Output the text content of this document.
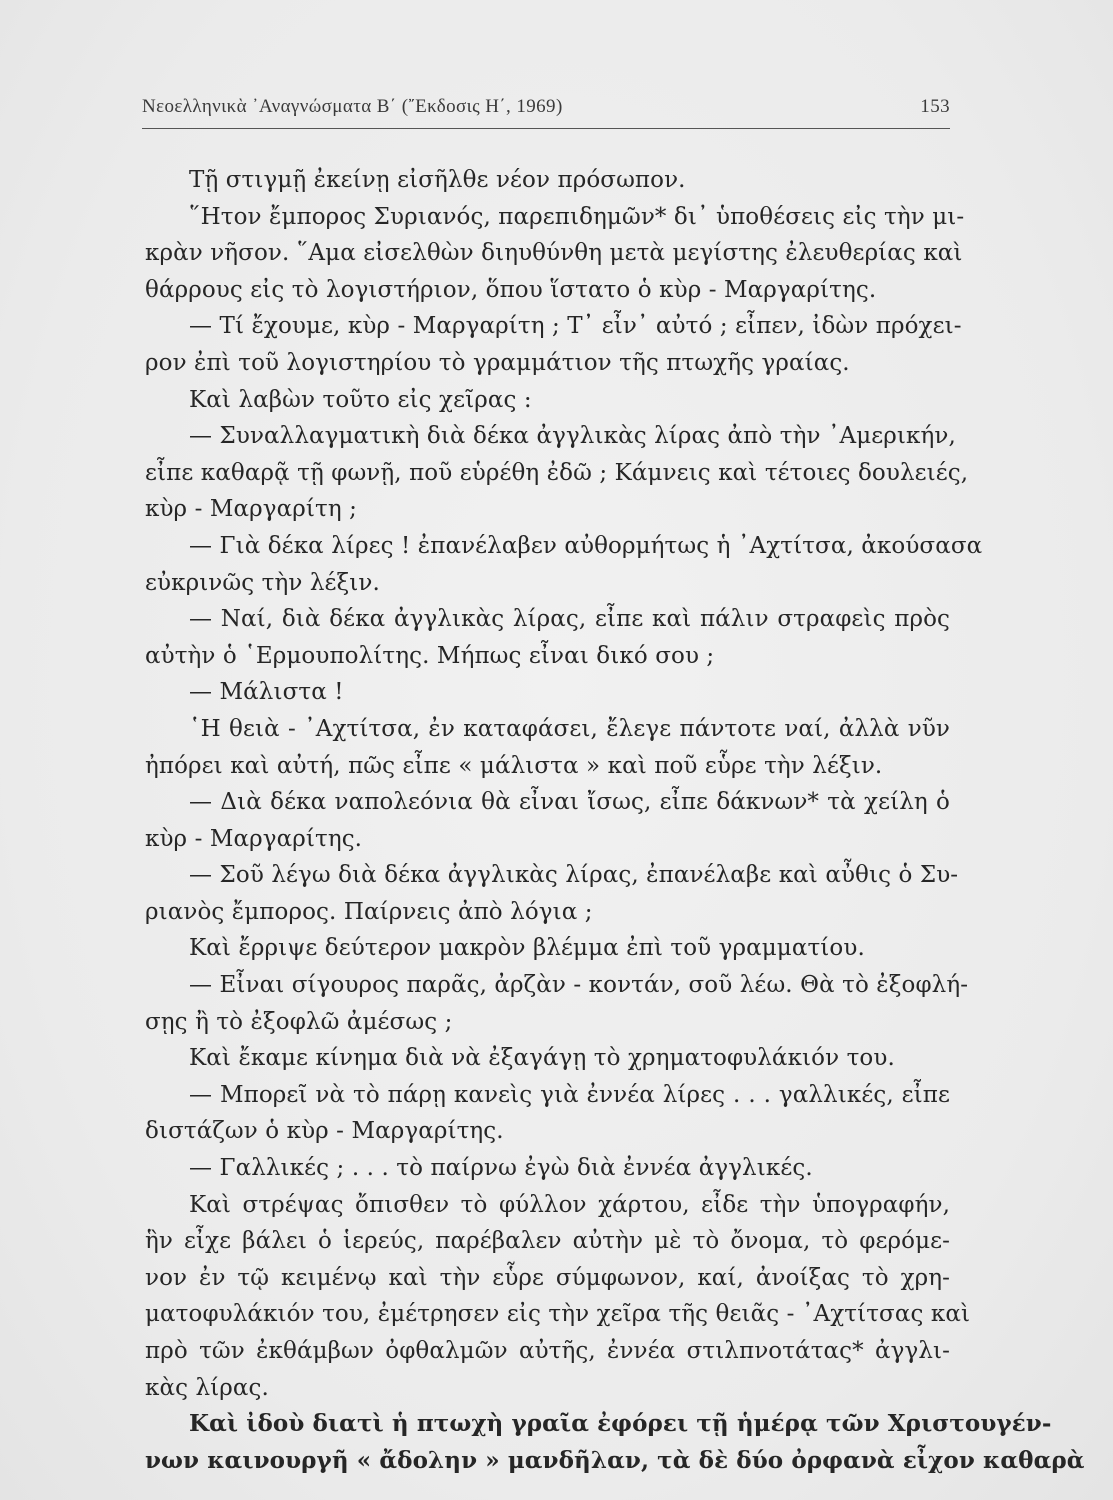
Νεοελληνικὰ ᾿Αναγνώσματα Β΄ (῎Εκδοσις Η΄, 1969)	153
Τῇ στιγμῇ ἐκείνῃ εἰσῆλθε νέον πρόσωπον.
῞Ητον ἔμπορος Συριανός, παρεπιδημῶν* δι᾿ ὑποθέσεις εἰς τὴν μι-
κρὰν νῆσον. ῞Αμα εἰσελθὼν διηυθύνθη μετὰ μεγίστης ἐλευθερίας καὶ
θάρρους εἰς τὸ λογιστήριον, ὅπου ἵστατο ὁ κὺρ - Μαργαρίτης.
— Τί ἔχουμε, κὺρ - Μαργαρίτη ; Τ᾿ εἶν᾿ αὐτό ; εἶπεν, ἰδὼν πρόχει-
ρον ἐπὶ τοῦ λογιστηρίου τὸ γραμμάτιον τῆς πτωχῆς γραίας.
Καὶ λαβὼν τοῦτο εἰς χεῖρας :
— Συναλλαγματικὴ διὰ δέκα ἀγγλικὰς λίρας ἀπὸ τὴν ᾿Αμερικήν,
εἶπε καθαρᾷ τῇ φωνῇ, ποῦ εὑρέθη ἐδῶ ; Κάμνεις καὶ τέτοιες δουλειές,
κὺρ - Μαργαρίτη ;
— Γιὰ δέκα λίρες ! ἐπανέλαβεν αὐθορμήτως ἡ ᾿Αχτίτσα, ἀκούσασα
εὐκρινῶς τὴν λέξιν.
— Ναί, διὰ δέκα ἀγγλικὰς λίρας, εἶπε καὶ πάλιν στραφεὶς πρὸς
αὐτὴν ὁ ῾Ερμουπολίτης. Μήπως εἶναι δικό σου ;
— Μάλιστα !
῾Η θειὰ - ᾿Αχτίτσα, ἐν καταφάσει, ἔλεγε πάντοτε ναί, ἀλλὰ νῦν
ἠπόρει καὶ αὐτή, πῶς εἶπε « μάλιστα » καὶ ποῦ εὗρε τὴν λέξιν.
— Διὰ δέκα ναπολεόνια θὰ εἶναι ἴσως, εἶπε δάκνων* τὰ χείλη ὁ
κὺρ - Μαργαρίτης.
— Σοῦ λέγω διὰ δέκα ἀγγλικὰς λίρας, ἐπανέλαβε καὶ αὖθις ὁ Συ-
ριανὸς ἔμπορος. Παίρνεις ἀπὸ λόγια ;
Καὶ ἔρριψε δεύτερον μακρὸν βλέμμα ἐπὶ τοῦ γραμματίου.
— Εἶναι σίγουρος παρᾶς, ἀρζὰν - κοντάν, σοῦ λέω. Θὰ τὸ ἐξοφλή-
σῃς ἢ τὸ ἐξοφλῶ ἀμέσως ;
Καὶ ἔκαμε κίνημα διὰ νὰ ἐξαγάγῃ τὸ χρηματοφυλάκιόν του.
— Μπορεῖ νὰ τὸ πάρῃ κανεὶς γιὰ ἐννέα λίρες . . . γαλλικές, εἶπε
διστάζων ὁ κὺρ - Μαργαρίτης.
— Γαλλικές ; . . . τὸ παίρνω ἐγὼ διὰ ἐννέα ἀγγλικές.
Καὶ στρέψας ὄπισθεν τὸ φύλλον χάρτου, εἶδε τὴν ὑπογραφήν,
ἣν εἶχε βάλει ὁ ἱερεύς, παρέβαλεν αὐτὴν μὲ τὸ ὄνομα, τὸ φερόμε-
νον ἐν τῷ κειμένῳ καὶ τὴν εὗρε σύμφωνον, καί, ἀνοίξας τὸ χρη-
ματοφυλάκιόν του, ἐμέτρησεν εἰς τὴν χεῖρα τῆς θειᾶς - ᾿Αχτίτσας καὶ
πρὸ τῶν ἐκθάμβων ὀφθαλμῶν αὐτῆς, ἐννέα στιλπνοτάτας* ἀγγλι-
κὰς λίρας.
Καὶ ἰδοὺ διατὶ ἡ πτωχὴ γραῖα ἐφόρει τῇ ἡμέρᾳ τῶν Χριστουγέν-
νων καινουργῆ « ἄδολην » μανδῆλαν, τὰ δὲ δύο ὀρφανὰ εἶχον καθαρὰ
